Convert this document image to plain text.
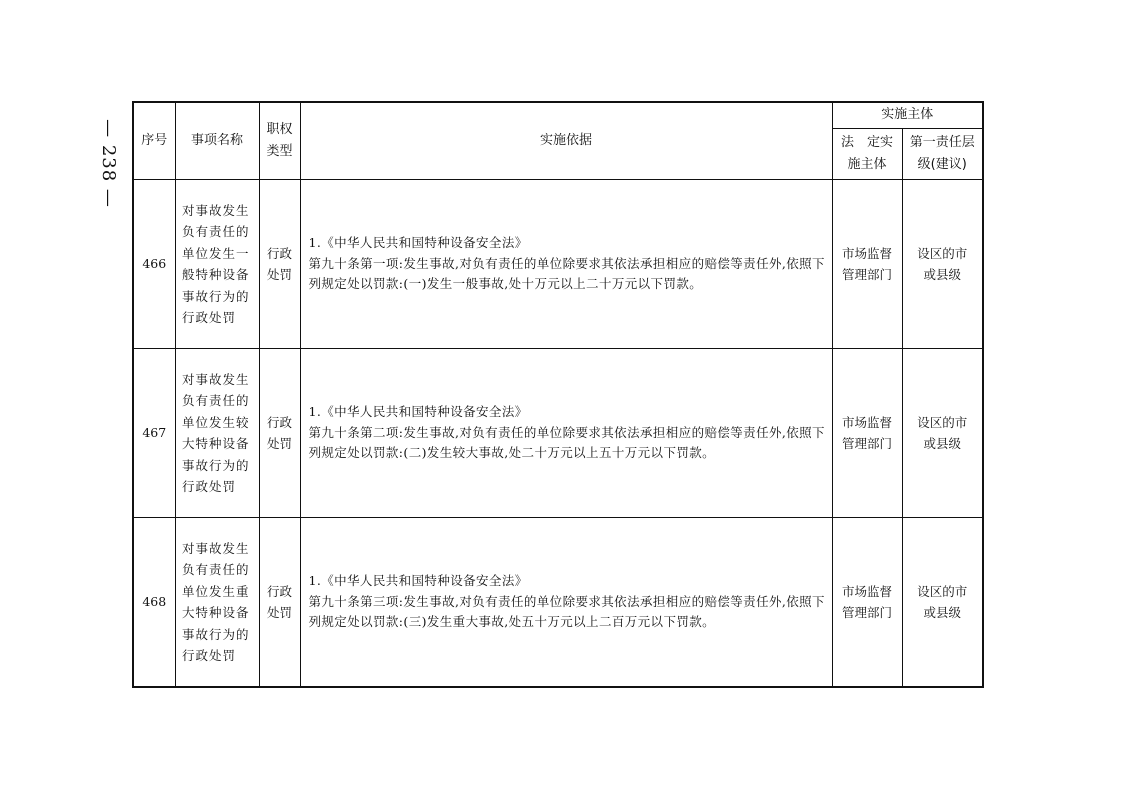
— 238 — 序号	事项名称	职权类型	实施依据	实施主体	

				法　定实施主体	第一责任层级(建议)

466	对事故发生负有责任的单位发生一般特种设备事故行为的行政处罚	行政处罚	1.《中华人民共和国特种设备安全法》
第九十条第一项:发生事故,对负有责任的单位除要求其依法承担相应的赔偿等责任外,依照下列规定处以罚款:(一)发生一般事故,处十万元以上二十万元以下罚款。	市场监督管理部门	设区的市或县级

467	对事故发生负有责任的单位发生较大特种设备事故行为的行政处罚	行政处罚	1.《中华人民共和国特种设备安全法》
第九十条第二项:发生事故,对负有责任的单位除要求其依法承担相应的赔偿等责任外,依照下列规定处以罚款:(二)发生较大事故,处二十万元以上五十万元以下罚款。	市场监督管理部门	设区的市或县级

468	对事故发生负有责任的单位发生重大特种设备事故行为的行政处罚	行政处罚	1.《中华人民共和国特种设备安全法》
第九十条第三项:发生事故,对负有责任的单位除要求其依法承担相应的赔偿等责任外,依照下列规定处以罚款:(三)发生重大事故,处五十万元以上二百万元以下罚款。	市场监督管理部门	设区的市或县级
